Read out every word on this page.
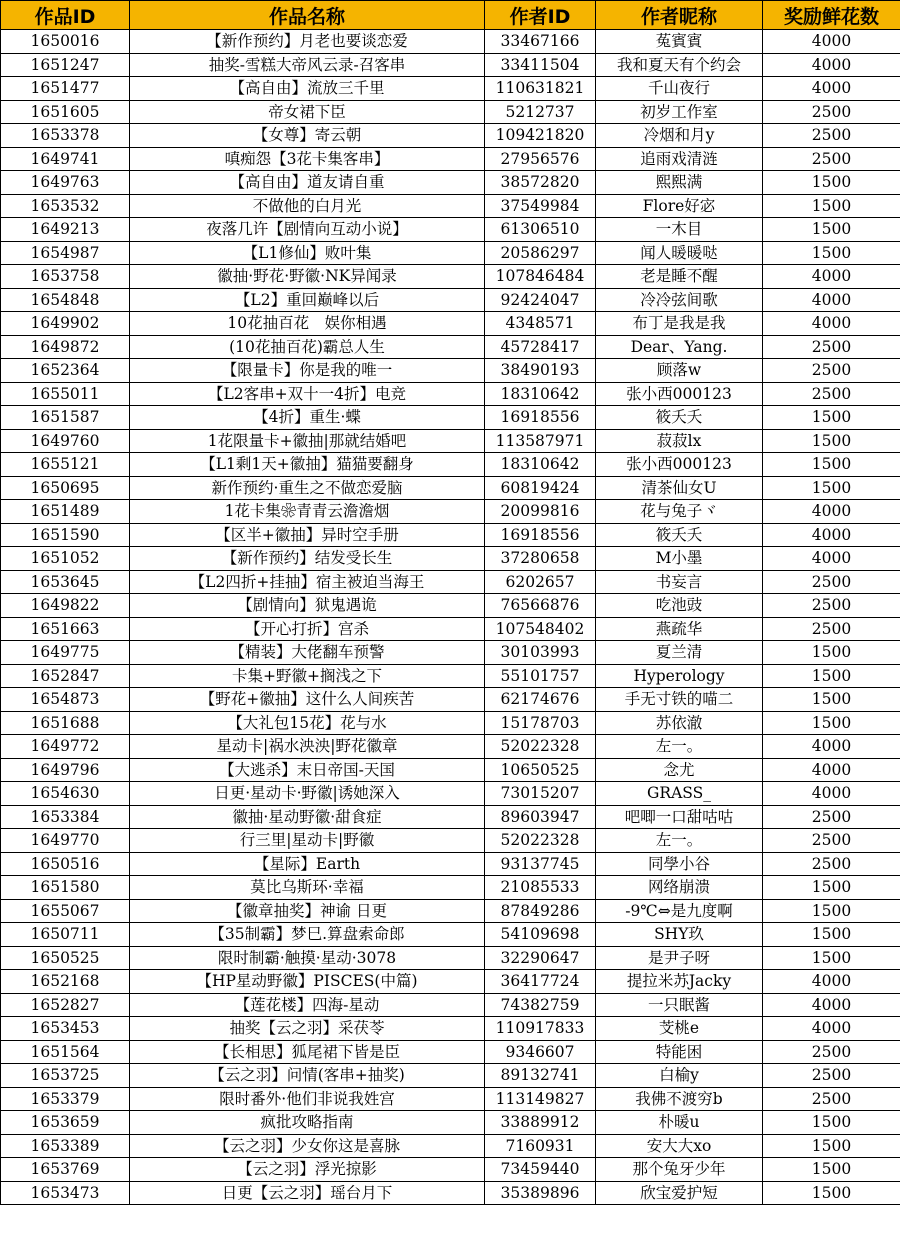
作品ID	作品名称	作者ID	作者昵称	奖励鲜花数
1650016	【新作预约】月老也要谈恋爱	33467166	菟賓賓	4000
1651247	抽奖-雪糕大帝风云录-召客串	33411504	我和夏天有个约会	4000
1651477	【高自由】流放三千里	110631821	千山夜行	4000
1651605	帝女裙下臣	5212737	初岁工作室	2500
1653378	【女尊】寄云朝	109421820	冷烟和月y	2500
1649741	嗔痴怨【3花卡集客串】	27956576	追雨戏清涟	2500
1649763	【高自由】道友请自重	38572820	熙熙满	1500
1653532	不做他的白月光	37549984	Flore好宓	1500
1649213	夜落几许【剧情向互动小说】	61306510	一木目	1500
1654987	【L1修仙】败叶集	20586297	闻人暖暖哒	1500
1653758	徽抽·野花·野徽·NK异闻录	107846484	老是睡不醒	4000
1654848	【L2】重回巅峰以后	92424047	冷冷弦间歌	4000
1649902	10花抽百花　娱你相遇	4348571	布丁是我是我	4000
1649872	(10花抽百花)霸总人生	45728417	Dear、Yang.	2500
1652364	【限量卡】你是我的唯一	38490193	顾落w	2500
1655011	【L2客串+双十一4折】电竞	18310642	张小西000123	2500
1651587	【4折】重生·蝶	16918556	筱夭夭	1500
1649760	1花限量卡+徽抽|那就结婚吧	113587971	菽菽lx	1500
1655121	【L1剩1天+徽抽】猫猫要翻身	18310642	张小西000123	1500
1650695	新作预约·重生之不做恋爱脑	60819424	清茶仙女U	1500
1651489	1花卡集❀青青云澹澹烟	20099816	花与兔子ヾ	4000
1651590	【区半+徽抽】异时空手册	16918556	筱夭夭	4000
1651052	【新作预约】结发受长生	37280658	M小墨	4000
1653645	【L2四折+挂抽】宿主被迫当海王	6202657	书妄言	2500
1649822	【剧情向】狱鬼遇诡	76566876	吃池豉	2500
1651663	【开心打折】宫杀	107548402	燕疏华	2500
1649775	【精装】大佬翻车预警	30103993	夏兰清	1500
1652847	卡集+野徽+搁浅之下	55101757	Hyperology	1500
1654873	【野花+徽抽】这什么人间疾苦	62174676	手无寸铁的喵二	1500
1651688	【大礼包15花】花与水	15178703	苏依澈	1500
1649772	星动卡|祸水泱泱|野花徽章	52022328	左一。	4000
1649796	【大逃杀】末日帝国-天国	10650525	念尤	4000
1654630	日更·星动卡·野徽|诱她深入	73015207	GRASS_	4000
1653384	徽抽·星动野徽·甜食症	89603947	吧唧一口甜咕咕	2500
1649770	行三里|星动卡|野徽	52022328	左一。	2500
1650516	【星际】Earth	93137745	同學小谷	2500
1651580	莫比乌斯环·幸福	21085533	网络崩溃	1500
1655067	【徽章抽奖】神谕 日更	87849286	-9℃⇔是九度啊	1500
1650711	【35制霸】梦巳.算盘索命郎	54109698	SHY玖	1500
1650525	限时制霸·触摸·星动·3078	32290647	是尹子呀	1500
1652168	【HP星动野徽】PISCES(中篇)	36417724	提拉米苏Jacky	4000
1652827	【莲花楼】四海-星动	74382759	一只眠酱	4000
1653453	抽奖【云之羽】采茯苓	110917833	芠桃e	4000
1651564	【长相思】狐尾裙下皆是臣	9346607	特能困	2500
1653725	【云之羽】问情(客串+抽奖)	89132741	白榆y	2500
1653379	限时番外·他们非说我姓宫	113149827	我佛不渡穷b	2500
1653659	疯批攻略指南	33889912	朴暖u	1500
1653389	【云之羽】少女你这是喜脉	7160931	安大大xo	1500
1653769	【云之羽】浮光掠影	73459440	那个兔牙少年	1500
1653473	日更【云之羽】瑶台月下	35389896	欣宝爱护短	1500
